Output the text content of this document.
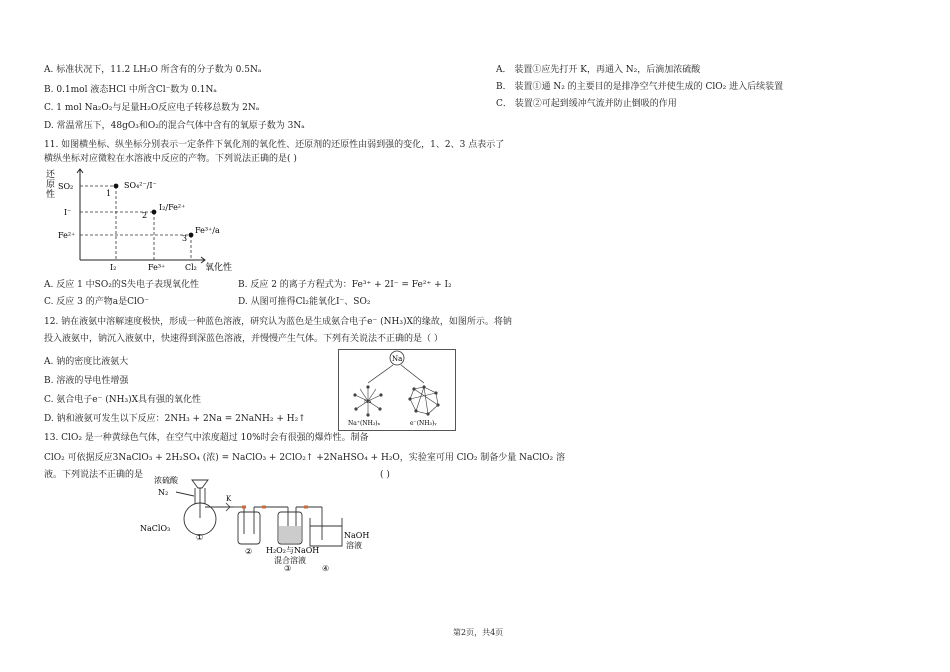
A. 标准状况下，11.2 LH₂O 所含有的分子数为 0.5Nₐ
B. 0.1mol 液态HCl 中所含Cl⁻数为 0.1Nₐ
C. 1 mol Na₂O₂与足量H₂O反应电子转移总数为 2Nₐ
D. 常温常压下，48gO₃和O₂的混合气体中含有的氧原子数为 3Nₐ
11. 如图横坐标、纵坐标分别表示一定条件下氧化剂的氧化性、还原剂的还原性由弱到强的变化，1、2、3 点表示了
横纵坐标对应微粒在水溶液中反应的产物。下列说法正确的是( )
还
原
性
SO₂
I⁻
Fe²⁺
I₂	Fe³⁺ Cl₂ 氧化性
1
SO₄²⁻/I⁻
2
I₂/Fe²⁺
3
Fe³⁺/a
A. 反应 1 中SO₂的S失电子表现氧化性	B. 反应 2 的离子方程式为：Fe³⁺ + 2I⁻ = Fe²⁺ + I₂
C. 反应 3 的产物a是ClO⁻	D. 从图可推得Cl₂能氧化I⁻、SO₂
12. 钠在液氨中溶解速度极快，形成一种蓝色溶液，研究认为蓝色是生成氨合电子e⁻ (NH₃)X的缘故，如图所示。将钠
投入液氨中，钠沉入液氨中，快速得到深蓝色溶液，并慢慢产生气体。下列有关说法不正确的是（ ）
A. 钠的密度比液氨大
B. 溶液的导电性增强
C. 氨合电子e⁻ (NH₃)X具有强的氧化性
D. 钠和液氨可发生以下反应：2NH₃ + 2Na = 2NaNH₂ + H₂↑
Na
Na
Na⁺(NH₃)ₓ	e⁻(NH₃)ᵧ
13. ClO₂ 是一种黄绿色气体，在空气中浓度超过 10%时会有很强的爆炸性。制备
ClO₂ 可依据反应3NaClO₃ + 2H₂SO₄ (浓) = NaClO₃ + 2ClO₂↑ +2NaHSO₄ + H₂O，实验室可用 ClO₂ 制备少量 NaClO₂ 溶
液。下列说法不正确的是	( )
浓硫酸
N₂
K
NaClO₃
H₂O₂与NaOH
混合溶液
NaOH
溶液
①
②
③	④
A． 装置①应先打开 K，再通入 N₂，后滴加浓硫酸
B． 装置①通 N₂ 的主要目的是排净空气并使生成的 ClO₂ 进入后续装置
C． 装置②可起到缓冲气流并防止倒吸的作用
第2页，共4页
